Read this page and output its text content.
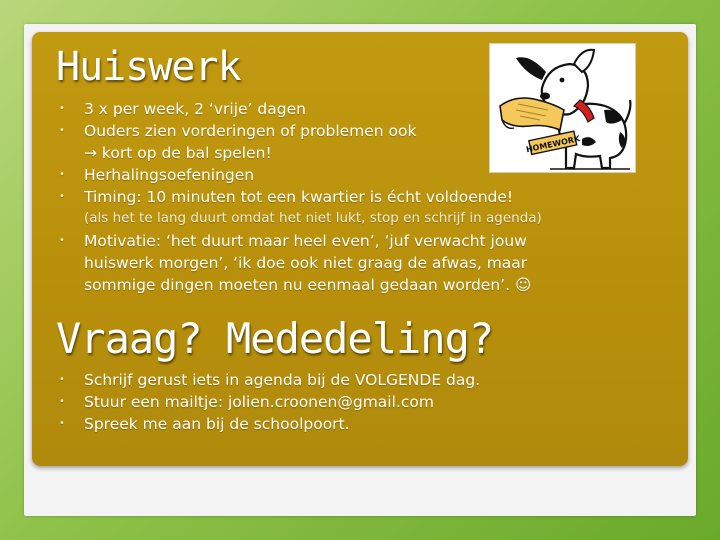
Huiswerk
HOMEWORK
• 3 x per week, 2 ‘vrije’ dagen
• Ouders zien vorderingen of problemen ook
→ kort op de bal spelen!
• Herhalingsoefeningen
• Timing: 10 minuten tot een kwartier is écht voldoende!
(als het te lang duurt omdat het niet lukt, stop en schrijf in agenda)
• Motivatie: ‘het duurt maar heel even’, ‘juf verwacht jouw
huiswerk morgen’, ‘ik doe ook niet graag de afwas, maar
sommige dingen moeten nu eenmaal gedaan worden’. ☺
Vraag? Mededeling?
• Schrijf gerust iets in agenda bij de VOLGENDE dag.
• Stuur een mailtje: jolien.croonen@gmail.com
• Spreek me aan bij de schoolpoort.
